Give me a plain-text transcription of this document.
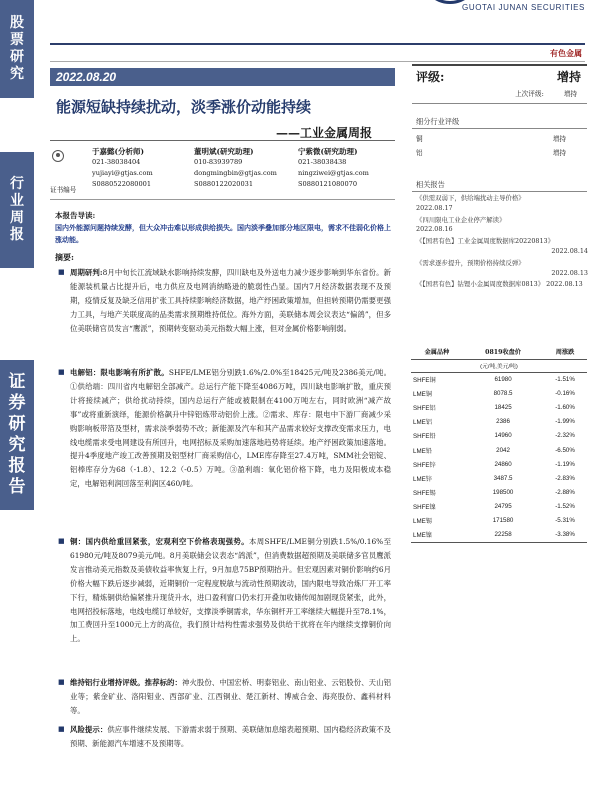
股
票
研
究
行
业
周
报
证
券
研
究
报
告
GUOTAI JUNAN SECURITIES
有色金属
2022.08.20
能源短缺持续扰动，淡季涨价动能持续
——工业金属周报
于嘉懿(分析师)
021-38038404
yujiayi@gtjas.com
S0880522080001
董明斌(研究助理)
010-83939789
dongmingbin@gtjas.com
S0880122020031
宁紫微(研究助理)
021-38038438
ningziwei@gtjas.com
S0880121080070
证书编号
本报告导读:
国内外能源问题持续发酵，但大众冲击难以形成供给损失。国内淡季叠加部分地区限电，需求不佳弱化价格上涨动能。
摘要:
■ 周期研判:8月中旬长江流域缺水影响持续发酵，四川缺电及外送电力减少逐步影响到华东省份。新能源装机量占比提升后，电力供应及电网消纳略逊的脆弱性凸显。国内7月经济数据表现不及预期，疫情反复及缺乏信用扩张工具持续影响经济数据，地产纾困政策增加，但担转预期仍需要更强力工具，与地产关联度高的品类需求预期维持低位。海外方面，美联储本周会议表达“偏鸽”，但多位美联储官员发言“鹰派”，预期转变驱动美元指数大幅上涨，但对金属价格影响削弱。
■ 电解铝：限电影响有所扩散。SHFE/LME铝分别跌1.6%/2.0%至18425元/吨及2386美元/吨。①供给端：四川省内电解铝全部减产。总运行产能下降至4086万吨，四川缺电影响扩散，重庆预计将接续减产；供给扰动持续，国内总运行产能或被限制在4100万吨左右，同时欧洲“减产故事”或将重新演绎，能源价格飙升中锌铝炼带动铝价上涨。②需求、库存：限电中下游厂商减少采购影响板带箔及型材，需求淡季弱势不改；新能源及汽车和其产品需求较好支撑改变需求压力，电线电缆需求受电网建设有所回升，电网招标及采购加速落地趋势将延续。地产纾困政策加速落地。提升4季度地产竣工改善预期及铝型材厂商采购信心，LME库存降至27.4万吨，SMM社会铝锭、铝棒库存分为68（-1.8）、12.2（-0.5）万吨。③盈利端：氧化铝价格下降，电力及阳极成本稳定，电解铝利润回落至利润区460/吨。
■ 铜：国内供给重回紧张，宏观利空下价格表现强势。本周SHFE/LME铜分别跌1.5%/0.16%至61980元/吨及8079美元/吨。8月美联储会议表态“鸽派”，但消费数据超预期及美联储多官员鹰派发言推动美元指数及美债收益率恢复上行，9月加息75BP预期抬升。但宏观因素对铜价影响约6月价格大幅下跌后逐步减弱，近期铜价一定程度脱敏与流动性预期波动，国内限电导致冶炼厂开工率下行，精炼铜供给偏紧推升现货升水，进口盈利窗口仍未打开叠加收储传闻加剧现货紧张，此外，电网招投标落地，电线电缆订单较好，支撑淡季铜需求，华东铜杆开工率继续大幅提升至78.1%，加工费回升至1000元上方的高位，我们预计结构性需求强势及供给干扰将在年内继续支撑铜价向上。
■ 维持铝行业增持评级。推荐标的：神火股份、中国宏桥、明泰铝业、南山铝业、云铝股份、天山铝业等；紫金矿业、洛阳钼业、西部矿业、江西铜业、楚江新材、博威合金、海亮股份、鑫科材料等。
■ 风险提示：供应事件继续发展、下游需求弱于预期、美联储加息缩表超预期、国内稳经济政策不及预期、新能源汽车增速不及预期等。
评级:	增持
上次评级:	增持
细分行业评级
铜	增持
铝	增持
相关报告
《供需双弱下，供给端扰动主导价格》
2022.08.17
《四川限电工业企业停产解读》
2022.08.16
《【国君有色】工业金属周度数据库20220813》
2022.08.14
《需求逐步提升，预期价格持续反弹》
2022.08.13
《【国君有色】钴锂小金属周度数据库0813》 2022.08.13
金属品种	0819收盘价	周涨跌
(元/吨,美元/吨)		
SHFE铜	61980	-1.51%
LME铜	8078.5	-0.16%
SHFE铝	18425	-1.60%
LME铝	2386	-1.99%
SHFE铅	14960	-2.32%
LME铅	2042	-6.50%
SHFE锌	24860	-1.19%
LME锌	3487.5	-2.83%
SHFE锡	198500	-2.88%
SHFE镍	24795	-1.52%
LME锡	171580	-5.31%
LME镍	22258	-3.38%
